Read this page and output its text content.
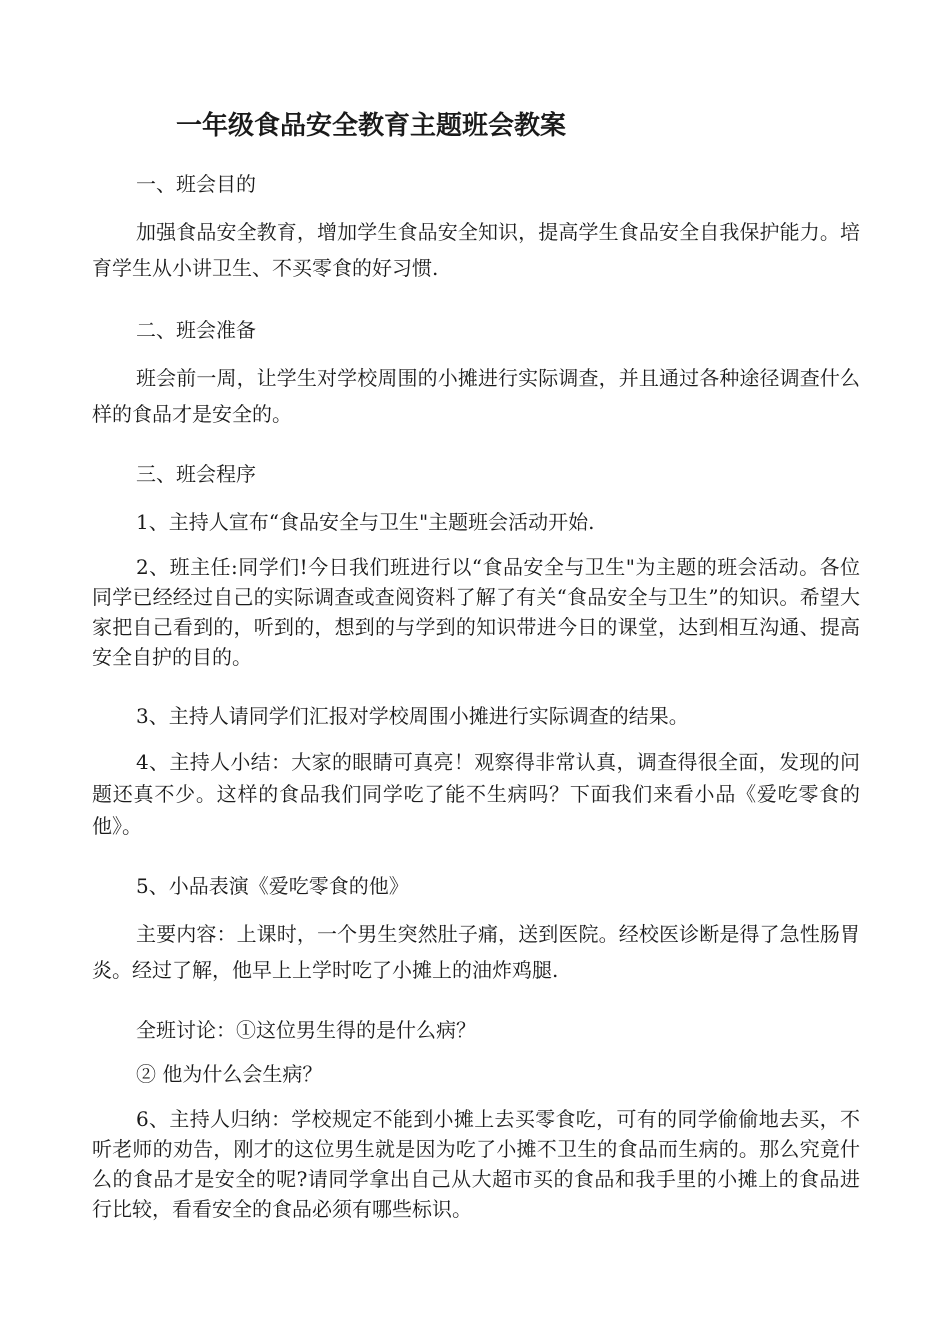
一年级食品安全教育主题班会教案

一、班会目的

加强食品安全教育，增加学生食品安全知识，提高学生食品安全自我保护能力。培育学生从小讲卫生、不买零食的好习惯.

二、班会准备

班会前一周，让学生对学校周围的小摊进行实际调查，并且通过各种途径调查什么样的食品才是安全的。

三、班会程序

1、主持人宣布“食品安全与卫生"主题班会活动开始.

2、班主任:同学们!今日我们班进行以“食品安全与卫生"为主题的班会活动。各位同学已经经过自己的实际调查或查阅资料了解了有关“食品安全与卫生”的知识。希望大家把自己看到的，听到的，想到的与学到的知识带进今日的课堂，达到相互沟通、提高安全自护的目的。

3、主持人请同学们汇报对学校周围小摊进行实际调查的结果。

4、主持人小结：大家的眼睛可真亮！观察得非常认真，调查得很全面，发现的问题还真不少。这样的食品我们同学吃了能不生病吗？下面我们来看小品《爱吃零食的他》。

5、小品表演《爱吃零食的他》

主要内容：上课时，一个男生突然肚子痛，送到医院。经校医诊断是得了急性肠胃炎。经过了解，他早上上学时吃了小摊上的油炸鸡腿.

全班讨论：①这位男生得的是什么病？

② 他为什么会生病？

6、主持人归纳：学校规定不能到小摊上去买零食吃，可有的同学偷偷地去买，不听老师的劝告，刚才的这位男生就是因为吃了小摊不卫生的食品而生病的。那么究竟什么的食品才是安全的呢?请同学拿出自己从大超市买的食品和我手里的小摊上的食品进行比较，看看安全的食品必须有哪些标识。
